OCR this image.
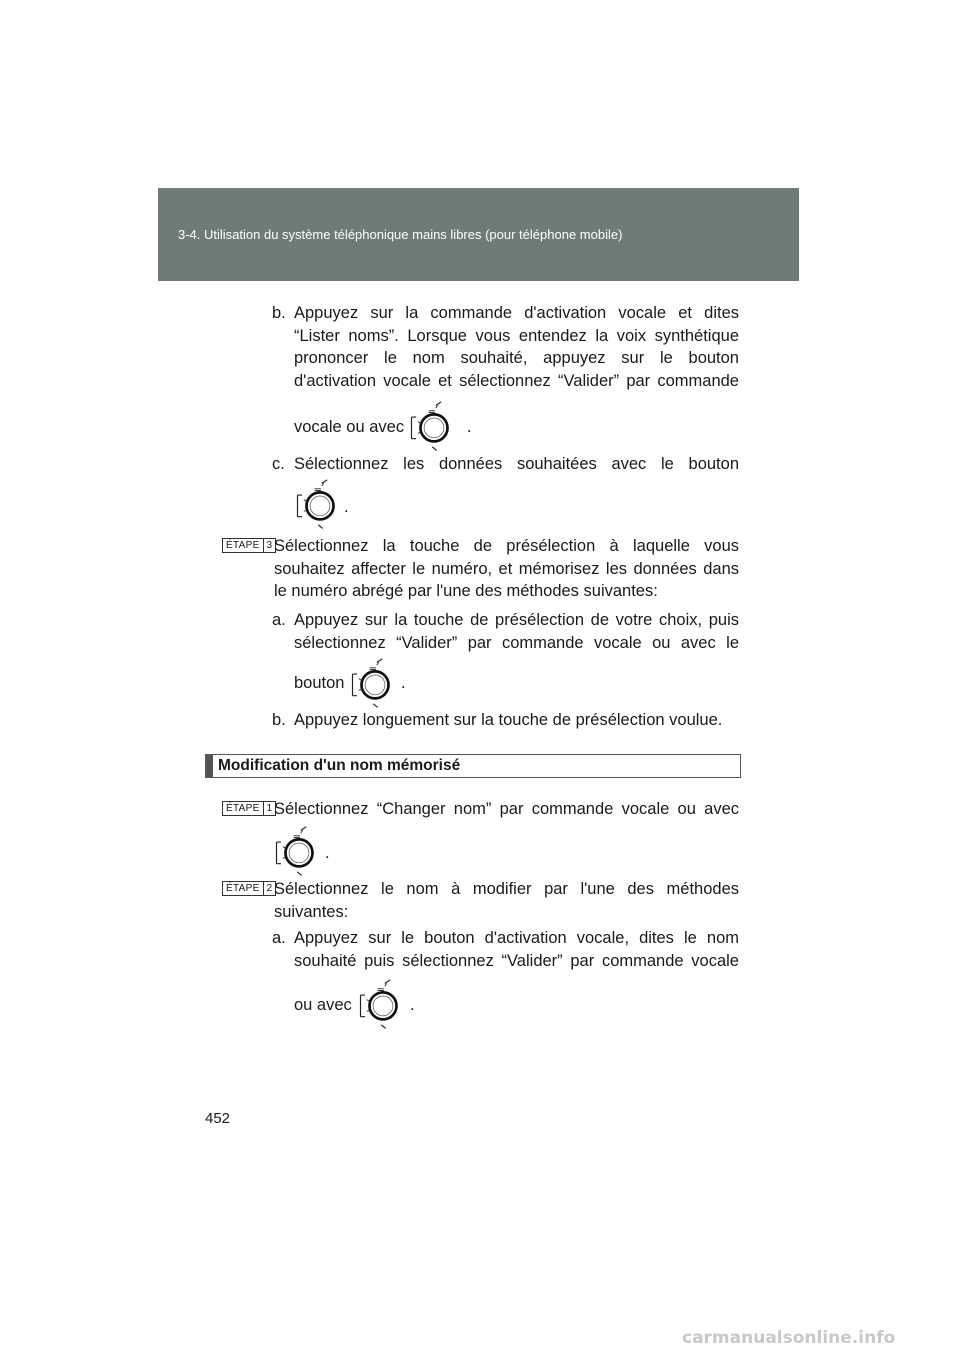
3-4. Utilisation du système téléphonique mains libres (pour téléphone mobile)
b. Appuyez sur la commande d'activation vocale et dites
“Lister noms”. Lorsque vous entendez la voix synthétique
prononcer le nom souhaité, appuyez sur le bouton
d'activation vocale et sélectionnez “Valider” par commande
vocale ou avec	.
c. Sélectionnez les données souhaitées avec le bouton
.
ÉTAPE 3 Sélectionnez la touche de présélection à laquelle vous
souhaitez affecter le numéro, et mémorisez les données dans
le numéro abrégé par l'une des méthodes suivantes:
a. Appuyez sur la touche de présélection de votre choix, puis
sélectionnez “Valider” par commande vocale ou avec le
bouton	.
b. Appuyez longuement sur la touche de présélection voulue.
Modification d'un nom mémorisé
ÉTAPE 1 Sélectionnez “Changer nom” par commande vocale ou avec
.
ÉTAPE 2 Sélectionnez le nom à modifier par l'une des méthodes
suivantes:
a. Appuyez sur le bouton d'activation vocale, dites le nom
souhaité puis sélectionnez “Valider” par commande vocale
ou avec	.
452
carmanualsonline.info
